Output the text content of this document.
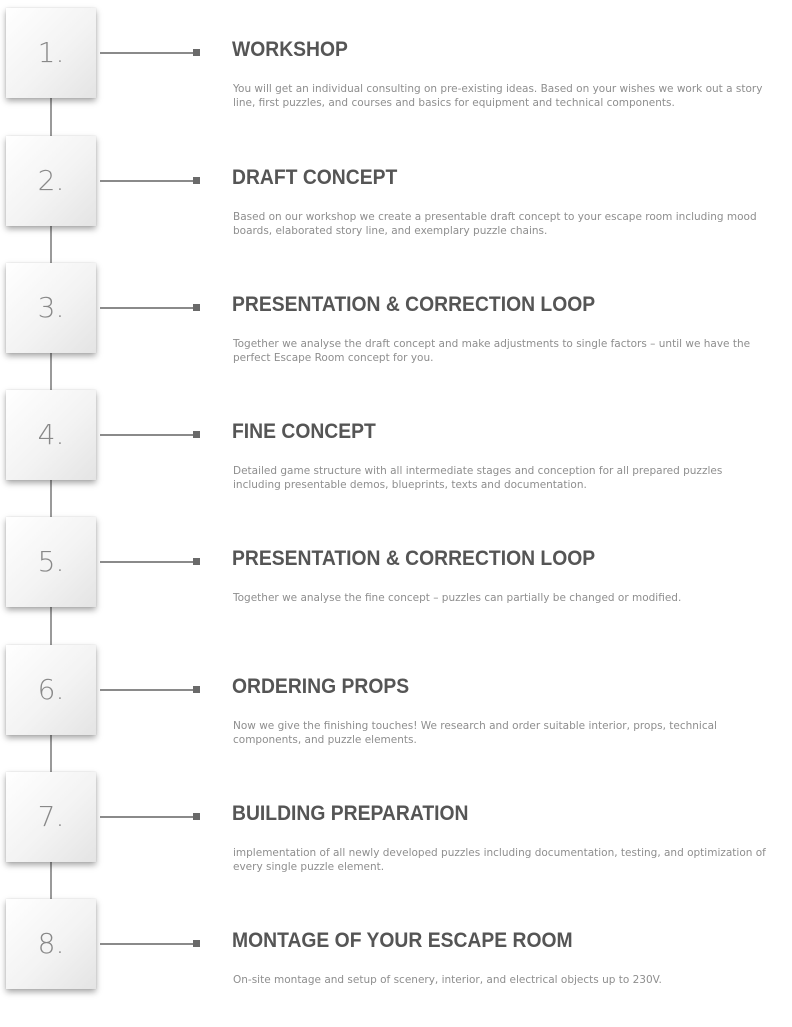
1.	WORKSHOP
You will get an individual consulting on pre-existing ideas. Based on your wishes we work out a story line, first puzzles, and courses and basics for equipment and technical components.
2.	DRAFT CONCEPT
Based on our workshop we create a presentable draft concept to your escape room including mood boards, elaborated story line, and exemplary puzzle chains.
3.	PRESENTATION & CORRECTION LOOP
Together we analyse the draft concept and make adjustments to single factors – until we have the perfect Escape Room concept for you.
4.	FINE CONCEPT
Detailed game structure with all intermediate stages and conception for all prepared puzzles including presentable demos, blueprints, texts and documentation.
5.	PRESENTATION & CORRECTION LOOP
Together we analyse the fine concept – puzzles can partially be changed or modified.
6.	ORDERING PROPS
Now we give the finishing touches! We research and order suitable interior, props, technical components, and puzzle elements.
7.	BUILDING PREPARATION
implementation of all newly developed puzzles including documentation, testing, and optimization of every single puzzle element.
8.	MONTAGE OF YOUR ESCAPE ROOM
On-site montage and setup of scenery, interior, and electrical objects up to 230V.
